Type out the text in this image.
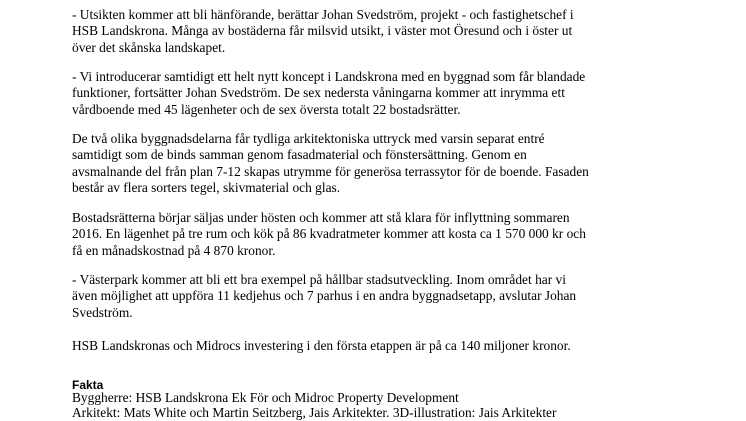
- Utsikten kommer att bli hänförande, berättar Johan Svedström, projekt - och fastighetschef i
HSB Landskrona. Många av bostäderna får milsvid utsikt, i väster mot Öresund och i öster ut
över det skånska landskapet.

- Vi introducerar samtidigt ett helt nytt koncept i Landskrona med en byggnad som får blandade
funktioner, fortsätter Johan Svedström. De sex nedersta våningarna kommer att inrymma ett
vårdboende med 45 lägenheter och de sex översta totalt 22 bostadsrätter.

De två olika byggnadsdelarna får tydliga arkitektoniska uttryck med varsin separat entré
samtidigt som de binds samman genom fasadmaterial och fönstersättning. Genom en
avsmalnande del från plan 7-12 skapas utrymme för generösa terrassytor för de boende. Fasaden
består av flera sorters tegel, skivmaterial och glas.

Bostadsrätterna börjar säljas under hösten och kommer att stå klara för inflyttning sommaren
2016. En lägenhet på tre rum och kök på 86 kvadratmeter kommer att kosta ca 1 570 000 kr och
få en månadskostnad på 4 870 kronor.

- Västerpark kommer att bli ett bra exempel på hållbar stadsutveckling. Inom området har vi
även möjlighet att uppföra 11 kedjehus och 7 parhus i en andra byggnadsetapp, avslutar Johan
Svedström.

HSB Landskronas och Midrocs investering i den första etappen är på ca 140 miljoner kronor.

Fakta

Byggherre: HSB Landskrona Ek För och Midroc Property Development

Arkitekt: Mats White och Martin Seitzberg, Jais Arkitekter. 3D-illustration: Jais Arkitekter
